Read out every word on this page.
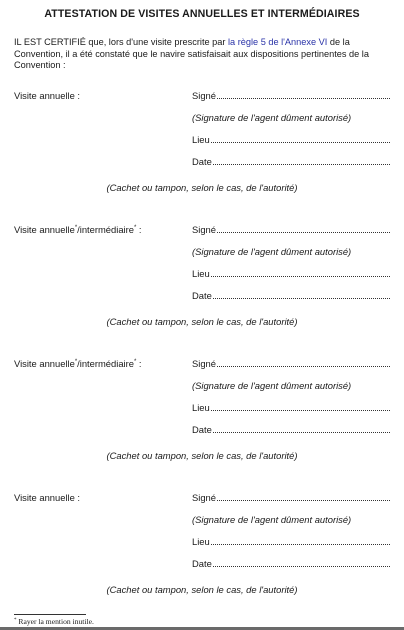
ATTESTATION DE VISITES ANNUELLES ET INTERMÉDIAIRES
IL EST CERTIFIÉ que, lors d'une visite prescrite par la règle 5 de l'Annexe VI de la Convention, il a été constaté que le navire satisfaisait aux dispositions pertinentes de la Convention :
Visite annuelle :	Signé
(Signature de l'agent dûment autorisé)
Lieu
Date
(Cachet ou tampon, selon le cas, de l'autorité)
Visite annuelle*/intermédiaire* :	Signé
(Signature de l'agent dûment autorisé)
Lieu
Date
(Cachet ou tampon, selon le cas, de l'autorité)
Visite annuelle*/intermédiaire* :	Signé
(Signature de l'agent dûment autorisé)
Lieu
Date
(Cachet ou tampon, selon le cas, de l'autorité)
Visite annuelle :	Signé
(Signature de l'agent dûment autorisé)
Lieu
Date
(Cachet ou tampon, selon le cas, de l'autorité)
* Rayer la mention inutile.
